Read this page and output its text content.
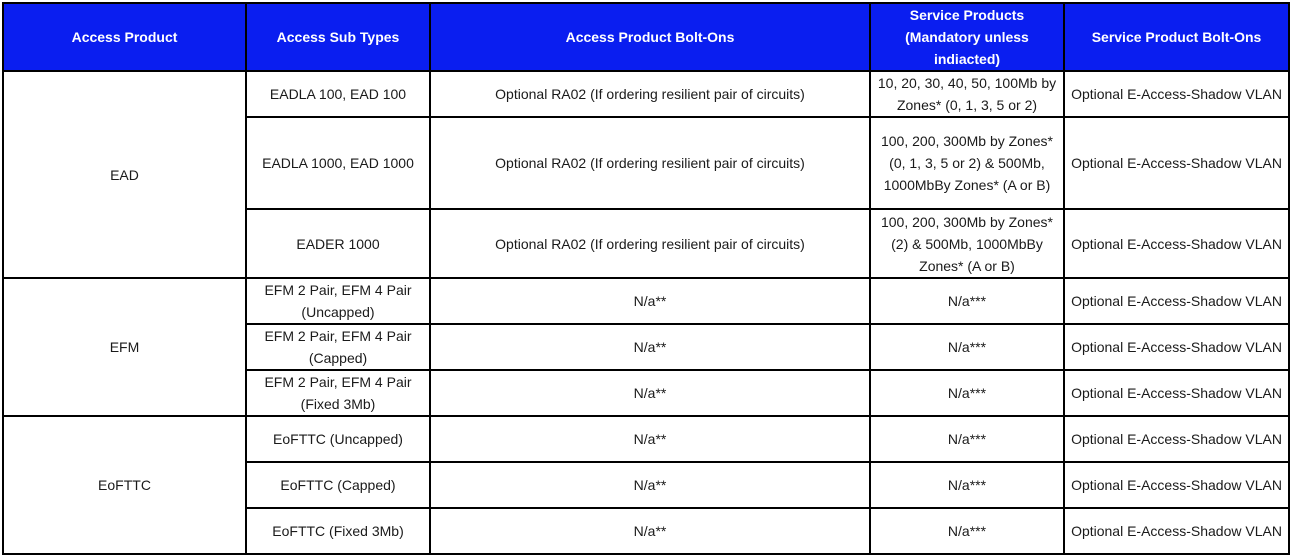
Access Product	Access Sub Types	Access Product Bolt-Ons	Service Products (Mandatory unless indiacted)	Service Product Bolt-Ons
EAD	EADLA 100, EAD 100	Optional RA02 (If ordering resilient pair of circuits)	10, 20, 30, 40, 50, 100Mb by Zones* (0, 1, 3, 5 or 2)	Optional E-Access-Shadow VLAN
	EADLA 1000, EAD 1000	Optional RA02 (If ordering resilient pair of circuits)	100, 200, 300Mb by Zones* (0, 1, 3, 5 or 2) & 500Mb, 1000MbBy Zones* (A or B)	Optional E-Access-Shadow VLAN
	EADER 1000	Optional RA02 (If ordering resilient pair of circuits)	100, 200, 300Mb by Zones* (2) & 500Mb, 1000MbBy Zones* (A or B)	Optional E-Access-Shadow VLAN
EFM	EFM 2 Pair, EFM 4 Pair (Uncapped)	N/a**	N/a***	Optional E-Access-Shadow VLAN
	EFM 2 Pair, EFM 4 Pair (Capped)	N/a**	N/a***	Optional E-Access-Shadow VLAN
	EFM 2 Pair, EFM 4 Pair (Fixed 3Mb)	N/a**	N/a***	Optional E-Access-Shadow VLAN
EoFTTC	EoFTTC (Uncapped)	N/a**	N/a***	Optional E-Access-Shadow VLAN
	EoFTTC (Capped)	N/a**	N/a***	Optional E-Access-Shadow VLAN
	EoFTTC (Fixed 3Mb)	N/a**	N/a***	Optional E-Access-Shadow VLAN
